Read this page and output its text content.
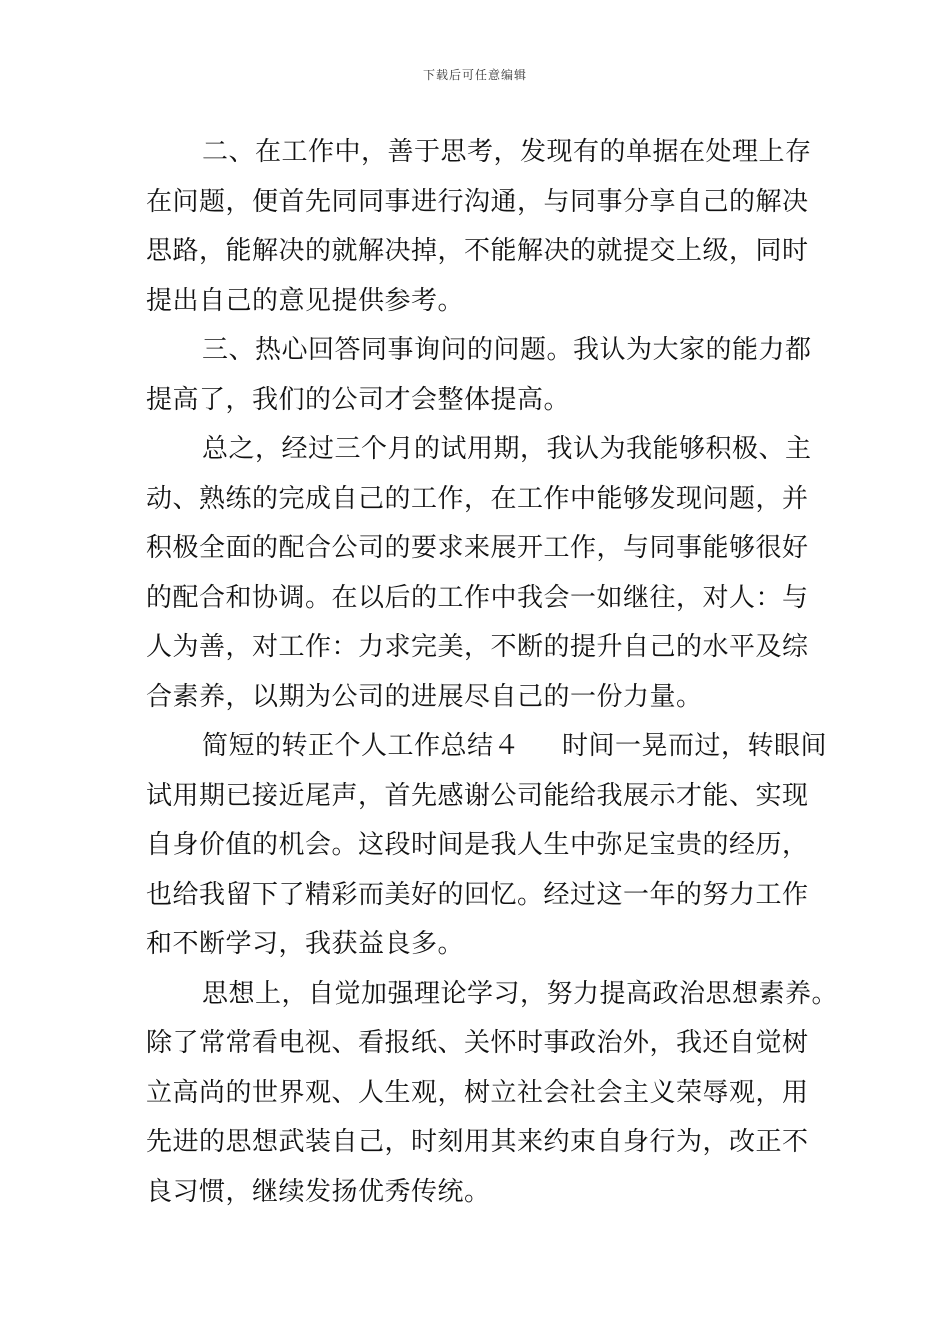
下载后可任意编辑
二、在工作中，善于思考，发现有的单据在处理上存
在问题，便首先同同事进行沟通，与同事分享自己的解决
思路，能解决的就解决掉，不能解决的就提交上级，同时
提出自己的意见提供参考。
三、热心回答同事询问的问题。我认为大家的能力都
提高了，我们的公司才会整体提高。
总之，经过三个月的试用期，我认为我能够积极、主
动、熟练的完成自己的工作，在工作中能够发现问题，并
积极全面的配合公司的要求来展开工作，与同事能够很好
的配合和协调。在以后的工作中我会一如继往，对人：与
人为善，对工作：力求完美，不断的提升自己的水平及综
合素养，以期为公司的进展尽自己的一份力量。
简短的转正个人工作总结４ 时间一晃而过，转眼间
试用期已接近尾声，首先感谢公司能给我展示才能、实现
自身价值的机会。这段时间是我人生中弥足宝贵的经历，
也给我留下了精彩而美好的回忆。经过这一年的努力工作
和不断学习，我获益良多。
思想上，自觉加强理论学习，努力提高政治思想素养。
除了常常看电视、看报纸、关怀时事政治外，我还自觉树
立高尚的世界观、人生观，树立社会社会主义荣辱观，用
先进的思想武装自己，时刻用其来约束自身行为，改正不
良习惯，继续发扬优秀传统。
